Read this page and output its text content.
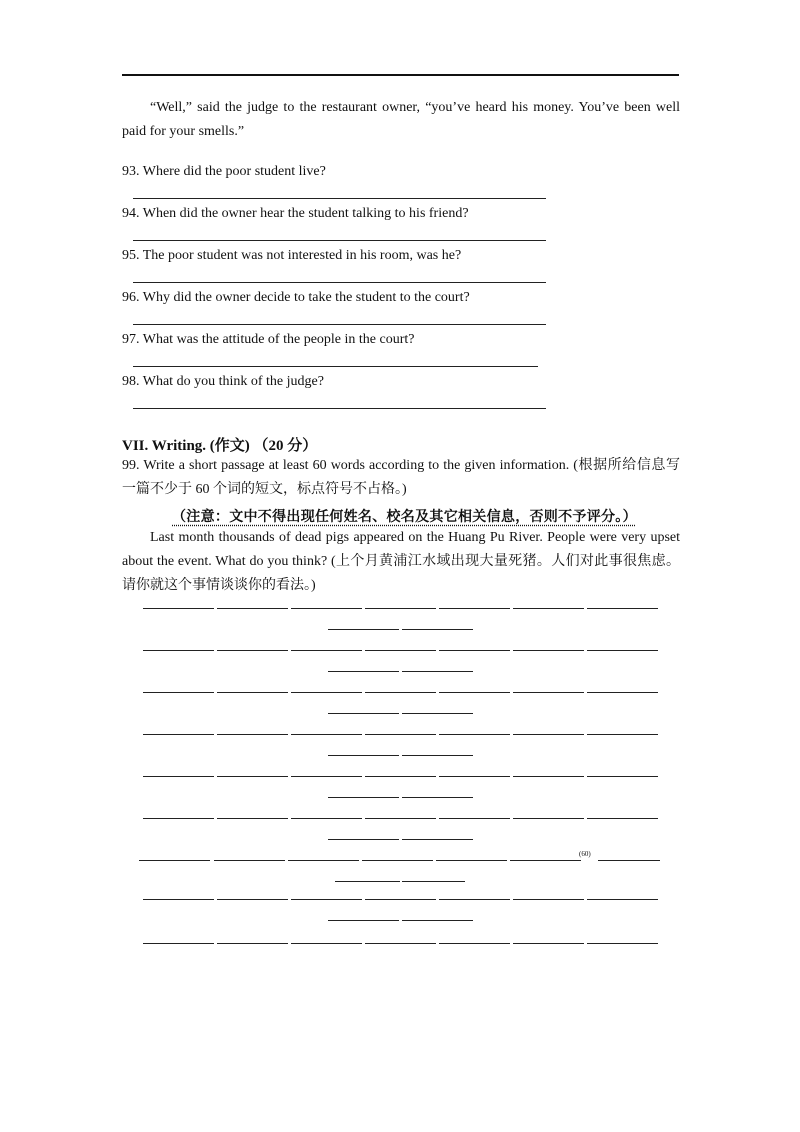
“Well,” said the judge to the restaurant owner, “you’ve heard his money. You’ve been well paid for your smells.”
93. Where did the poor student live?
94. When did the owner hear the student talking to his friend?
95. The poor student was not interested in his room, was he?
96. Why did the owner decide to take the student to the court?
97. What was the attitude of the people in the court?
98. What do you think of the judge?
VII. Writing. (作文) （20 分）
99. Write a short passage at least 60 words according to the given information. (根据所给信息写一篇不少于 60 个词的短文，标点符号不占格。)
（注意：文中不得出现任何姓名、校名及其它相关信息，否则不予评分。）
Last month thousands of dead pigs appeared on the Huang Pu River. People were very upset about the event. What do you think? (上个月黄浦江水域出现大量死猪。人们对此事很焦虑。请你就这个事情谈谈你的看法。)
(60)
